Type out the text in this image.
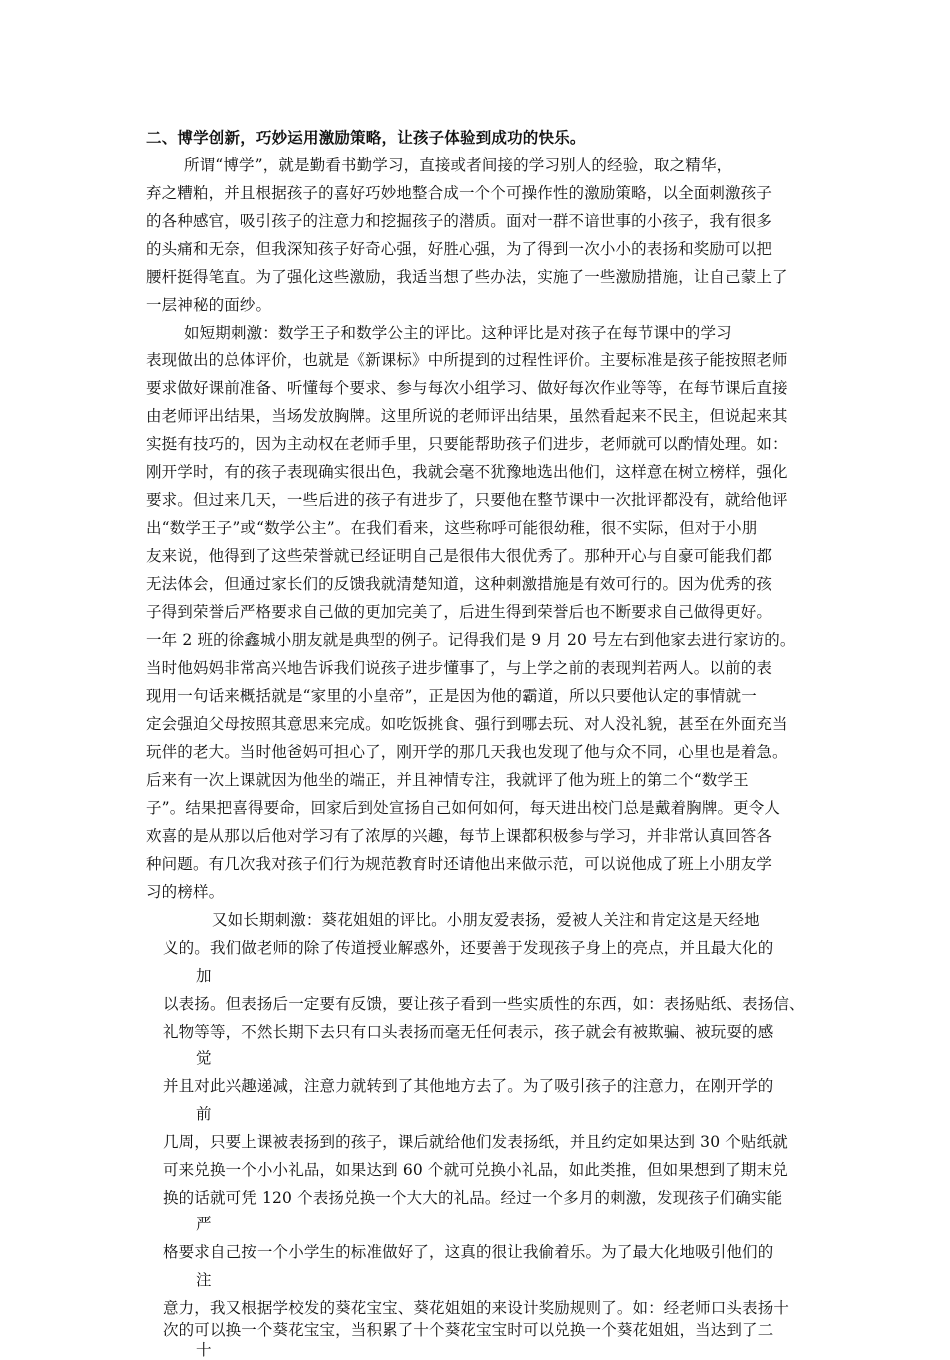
二、博学创新，巧妙运用激励策略，让孩子体验到成功的快乐。
所谓“博学”，就是勤看书勤学习，直接或者间接的学习别人的经验，取之精华，
弃之糟粕，并且根据孩子的喜好巧妙地整合成一个个可操作性的激励策略，以全面刺激孩子
的各种感官，吸引孩子的注意力和挖掘孩子的潜质。面对一群不谙世事的小孩子，我有很多
的头痛和无奈，但我深知孩子好奇心强，好胜心强，为了得到一次小小的表扬和奖励可以把
腰杆挺得笔直。为了强化这些激励，我适当想了些办法，实施了一些激励措施，让自己蒙上了
一层神秘的面纱。
如短期刺激：数学王子和数学公主的评比。这种评比是对孩子在每节课中的学习
表现做出的总体评价，也就是《新课标》中所提到的过程性评价。主要标准是孩子能按照老师
要求做好课前准备、听懂每个要求、参与每次小组学习、做好每次作业等等，在每节课后直接
由老师评出结果，当场发放胸牌。这里所说的老师评出结果，虽然看起来不民主，但说起来其
实挺有技巧的，因为主动权在老师手里，只要能帮助孩子们进步，老师就可以酌情处理。如：
刚开学时，有的孩子表现确实很出色，我就会毫不犹豫地选出他们，这样意在树立榜样，强化
要求。但过来几天，一些后进的孩子有进步了，只要他在整节课中一次批评都没有，就给他评
出“数学王子”或“数学公主”。在我们看来，这些称呼可能很幼稚，很不实际，但对于小朋
友来说，他得到了这些荣誉就已经证明自己是很伟大很优秀了。那种开心与自豪可能我们都
无法体会，但通过家长们的反馈我就清楚知道，这种刺激措施是有效可行的。因为优秀的孩
子得到荣誉后严格要求自己做的更加完美了，后进生得到荣誉后也不断要求自己做得更好。
一年 2 班的徐鑫城小朋友就是典型的例子。记得我们是 9 月 20 号左右到他家去进行家访的。
当时他妈妈非常高兴地告诉我们说孩子进步懂事了，与上学之前的表现判若两人。以前的表
现用一句话来概括就是“家里的小皇帝”，正是因为他的霸道，所以只要他认定的事情就一
定会强迫父母按照其意思来完成。如吃饭挑食、强行到哪去玩、对人没礼貌，甚至在外面充当
玩伴的老大。当时他爸妈可担心了，刚开学的那几天我也发现了他与众不同，心里也是着急。
后来有一次上课就因为他坐的端正，并且神情专注，我就评了他为班上的第二个“数学王
子”。结果把喜得要命，回家后到处宣扬自己如何如何，每天进出校门总是戴着胸牌。更令人
欢喜的是从那以后他对学习有了浓厚的兴趣，每节上课都积极参与学习，并非常认真回答各
种问题。有几次我对孩子们行为规范教育时还请他出来做示范，可以说他成了班上小朋友学
习的榜样。
又如长期刺激：葵花姐姐的评比。小朋友爱表扬，爱被人关注和肯定这是天经地
义的。我们做老师的除了传道授业解惑外，还要善于发现孩子身上的亮点，并且最大化的
加
以表扬。但表扬后一定要有反馈，要让孩子看到一些实质性的东西，如：表扬贴纸、表扬信、
礼物等等，不然长期下去只有口头表扬而毫无任何表示，孩子就会有被欺骗、被玩耍的感
觉
并且对此兴趣递减，注意力就转到了其他地方去了。为了吸引孩子的注意力，在刚开学的
前
几周，只要上课被表扬到的孩子，课后就给他们发表扬纸，并且约定如果达到 30 个贴纸就
可来兑换一个小小礼品，如果达到 60 个就可兑换小礼品，如此类推，但如果想到了期末兑
换的话就可凭 120 个表扬兑换一个大大的礼品。经过一个多月的刺激，发现孩子们确实能
严
格要求自己按一个小学生的标准做好了，这真的很让我偷着乐。为了最大化地吸引他们的
注
意力，我又根据学校发的葵花宝宝、葵花姐姐的来设计奖励规则了。如：经老师口头表扬十
次的可以换一个葵花宝宝，当积累了十个葵花宝宝时可以兑换一个葵花姐姐，当达到了二
十
